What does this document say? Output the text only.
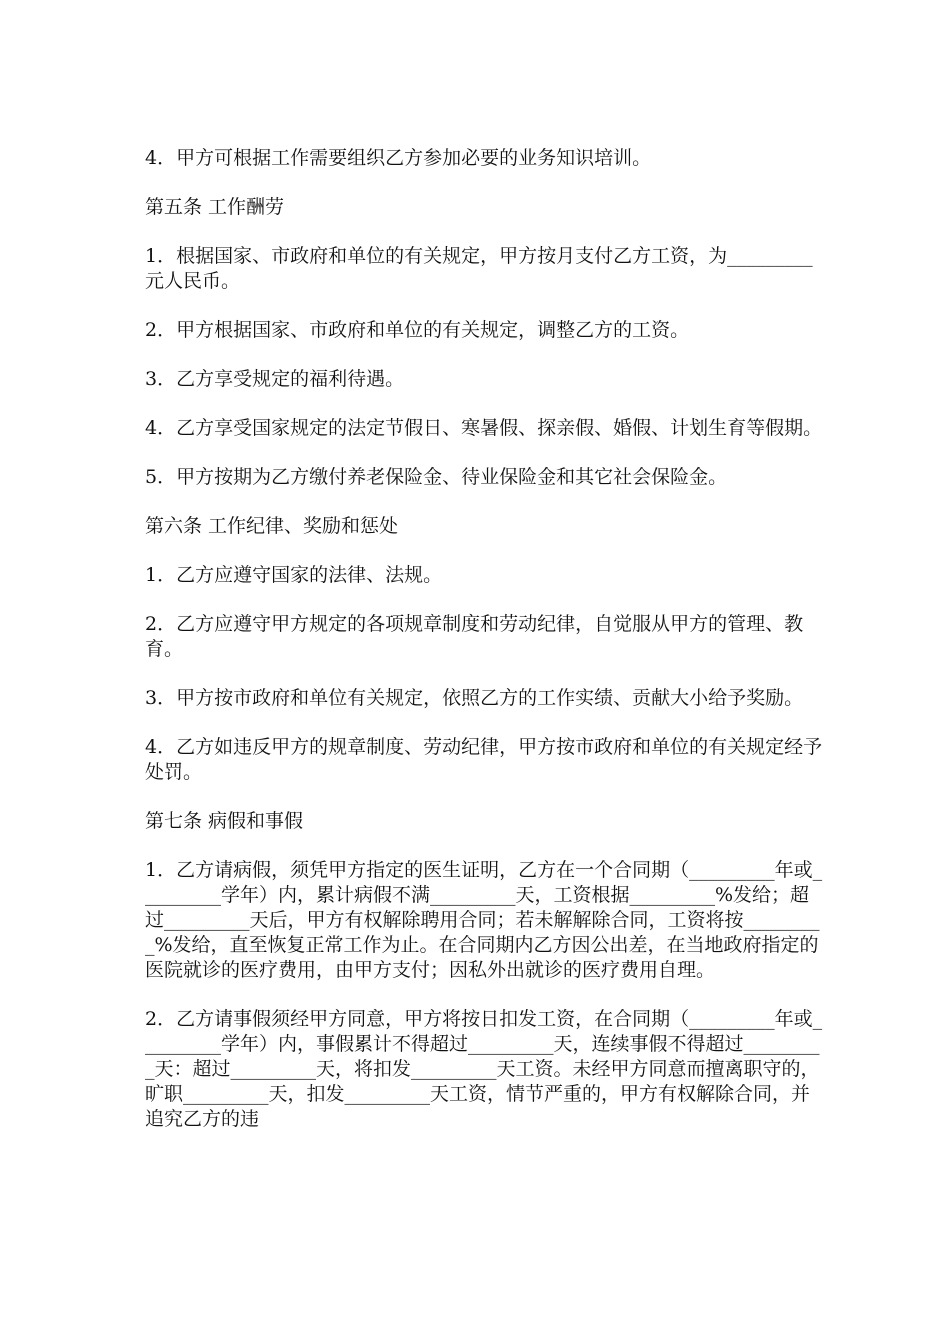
4．甲方可根据工作需要组织乙方参加必要的业务知识培训。

第五条 工作酬劳

1．根据国家、市政府和单位的有关规定，甲方按月支付乙方工资，为_________元人民币。

2．甲方根据国家、市政府和单位的有关规定，调整乙方的工资。

3．乙方享受规定的福利待遇。

4．乙方享受国家规定的法定节假日、寒暑假、探亲假、婚假、计划生育等假期。

5．甲方按期为乙方缴付养老保险金、待业保险金和其它社会保险金。

第六条 工作纪律、奖励和惩处

1．乙方应遵守国家的法律、法规。

2．乙方应遵守甲方规定的各项规章制度和劳动纪律，自觉服从甲方的管理、教育。

3．甲方按市政府和单位有关规定，依照乙方的工作实绩、贡献大小给予奖励。

4．乙方如违反甲方的规章制度、劳动纪律，甲方按市政府和单位的有关规定经予处罚。

第七条 病假和事假

1．乙方请病假，须凭甲方指定的医生证明，乙方在一个合同期（_________年或_________学年）内，累计病假不满_________天，工资根据_________%发给；超过_________天后，甲方有权解除聘用合同；若未解解除合同，工资将按_________%发给，直至恢复正常工作为止。在合同期内乙方因公出差，在当地政府指定的医院就诊的医疗费用，由甲方支付；因私外出就诊的医疗费用自理。

2．乙方请事假须经甲方同意，甲方将按日扣发工资，在合同期（_________年或_________学年）内，事假累计不得超过_________天，连续事假不得超过_________天：超过_________天，将扣发_________天工资。未经甲方同意而擅离职守的，旷职_________天，扣发_________天工资，情节严重的，甲方有权解除合同，并追究乙方的违
